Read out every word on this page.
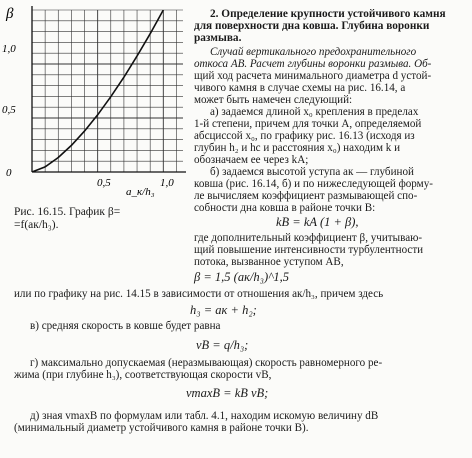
β
1,0
0,5
0
0,5	1,0
a_к/h₃
Рис. 16.15. График β=
=f(aк/h₃).
2. Определение крупности устойчивого камня
для поверхности дна ковша. Глубина воронки
размыва.
Случай вертикального предохранительного
откоса AB. Расчет глубины воронки размыва. Об-
щий ход расчета минимального диаметра d устой-
чивого камня в случае схемы на рис. 16.14, а
может быть намечен следующий:
а) задаемся длиной x₀ крепления в пределах
1-й степени, причем для точки A, определяемой
абсциссой x₀, по графику рис. 16.13 (исходя из
глубин h₂ и hc и расстояния x₀) находим k и
обозначаем ее через kA;
б) задаемся высотой уступа aк — глубиной
ковша (рис. 16.14, б) и по нижеследующей форму-
ле вычисляем коэффициент размывающей спо-
собности дна ковша в районе точки B:
kB = kA (1 + β),
где дополнительный коэффициент β, учитываю-
щий повышение интенсивности турбулентности
потока, вызванное уступом AB,
β = 1,5 (aк/h₃)^1,5
или по графику на рис. 14.15 в зависимости от отношения aк/h₃, причем здесь
h₃ = aк + h₂;
в) средняя скорость в ковше будет равна
vB = q/h₃;
г) максимально допускаемая (неразмывающая) скорость равномерного ре-
жима (при глубине h₃), соответствующая скорости vB,
vmaxB = kB vB;
д) зная vmaxB по формулам или табл. 4.1, находим искомую величину dB
(минимальный диаметр устойчивого камня в районе точки B).
